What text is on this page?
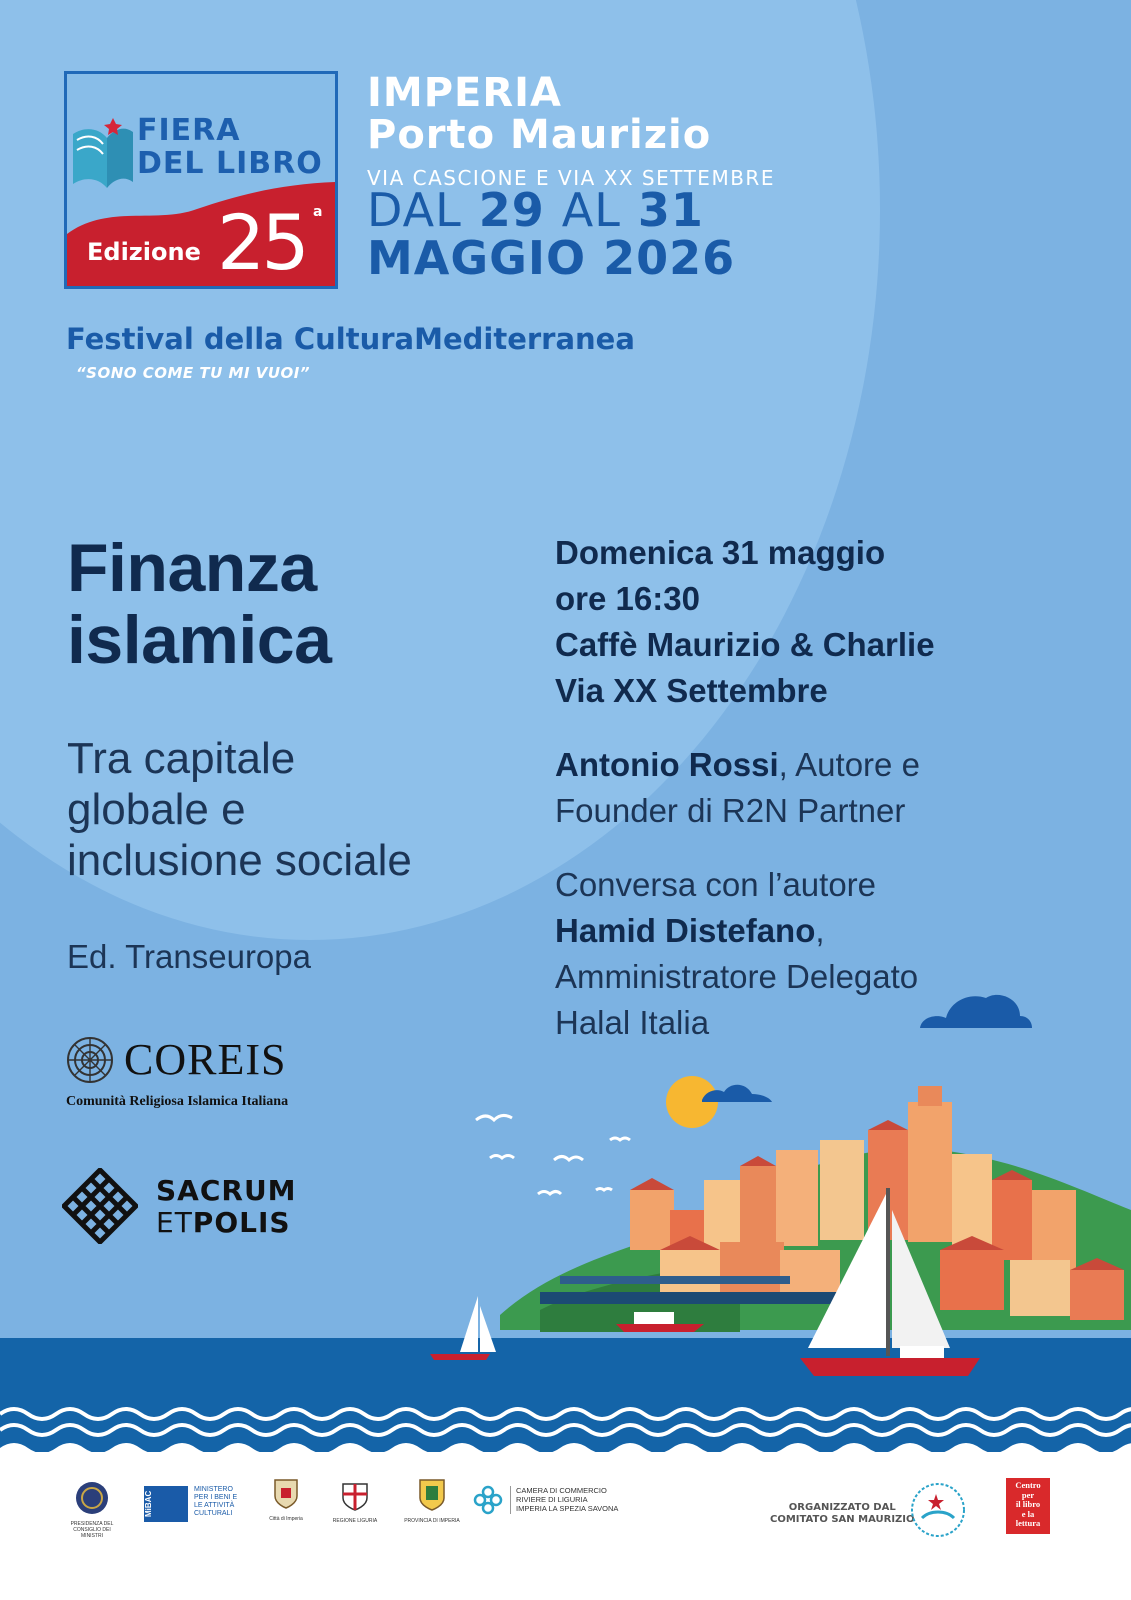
FIERA
DEL LIBRO
Edizione 25 a
IMPERIA
Porto Maurizio
VIA CASCIONE E VIA XX SETTEMBRE
DAL 29 AL 31
MAGGIO 2026
Festival della CulturaMediterranea
“SONO COME TU MI VUOI”
Finanza
islamica
Tra capitale
globale e
inclusione sociale
Ed. Transeuropa
Domenica 31 maggio
ore 16:30
Caffè Maurizio & Charlie
Via XX Settembre
Antonio Rossi, Autore e
Founder di R2N Partner
Conversa con l’autore
Hamid Distefano,
Amministratore Delegato
Halal Italia
COREIS
Comunità Religiosa Islamica Italiana
SACRUM
ETPOLIS
PRESIDENZA DEL CONSIGLIO DEI MINISTRI
MiBAC
MINISTERO
PER I BENI E
LE ATTIVITÀ
CULTURALI
Città di Imperia	REGIONE LIGURIA	PROVINCIA DI IMPERIA
CAMERA DI COMMERCIO
RIVIERE DI LIGURIA
IMPERIA LA SPEZIA SAVONA	ORGANIZZATO DAL
COMITATO SAN MAURIZIO
Centro
per
il libro
e la
lettura
